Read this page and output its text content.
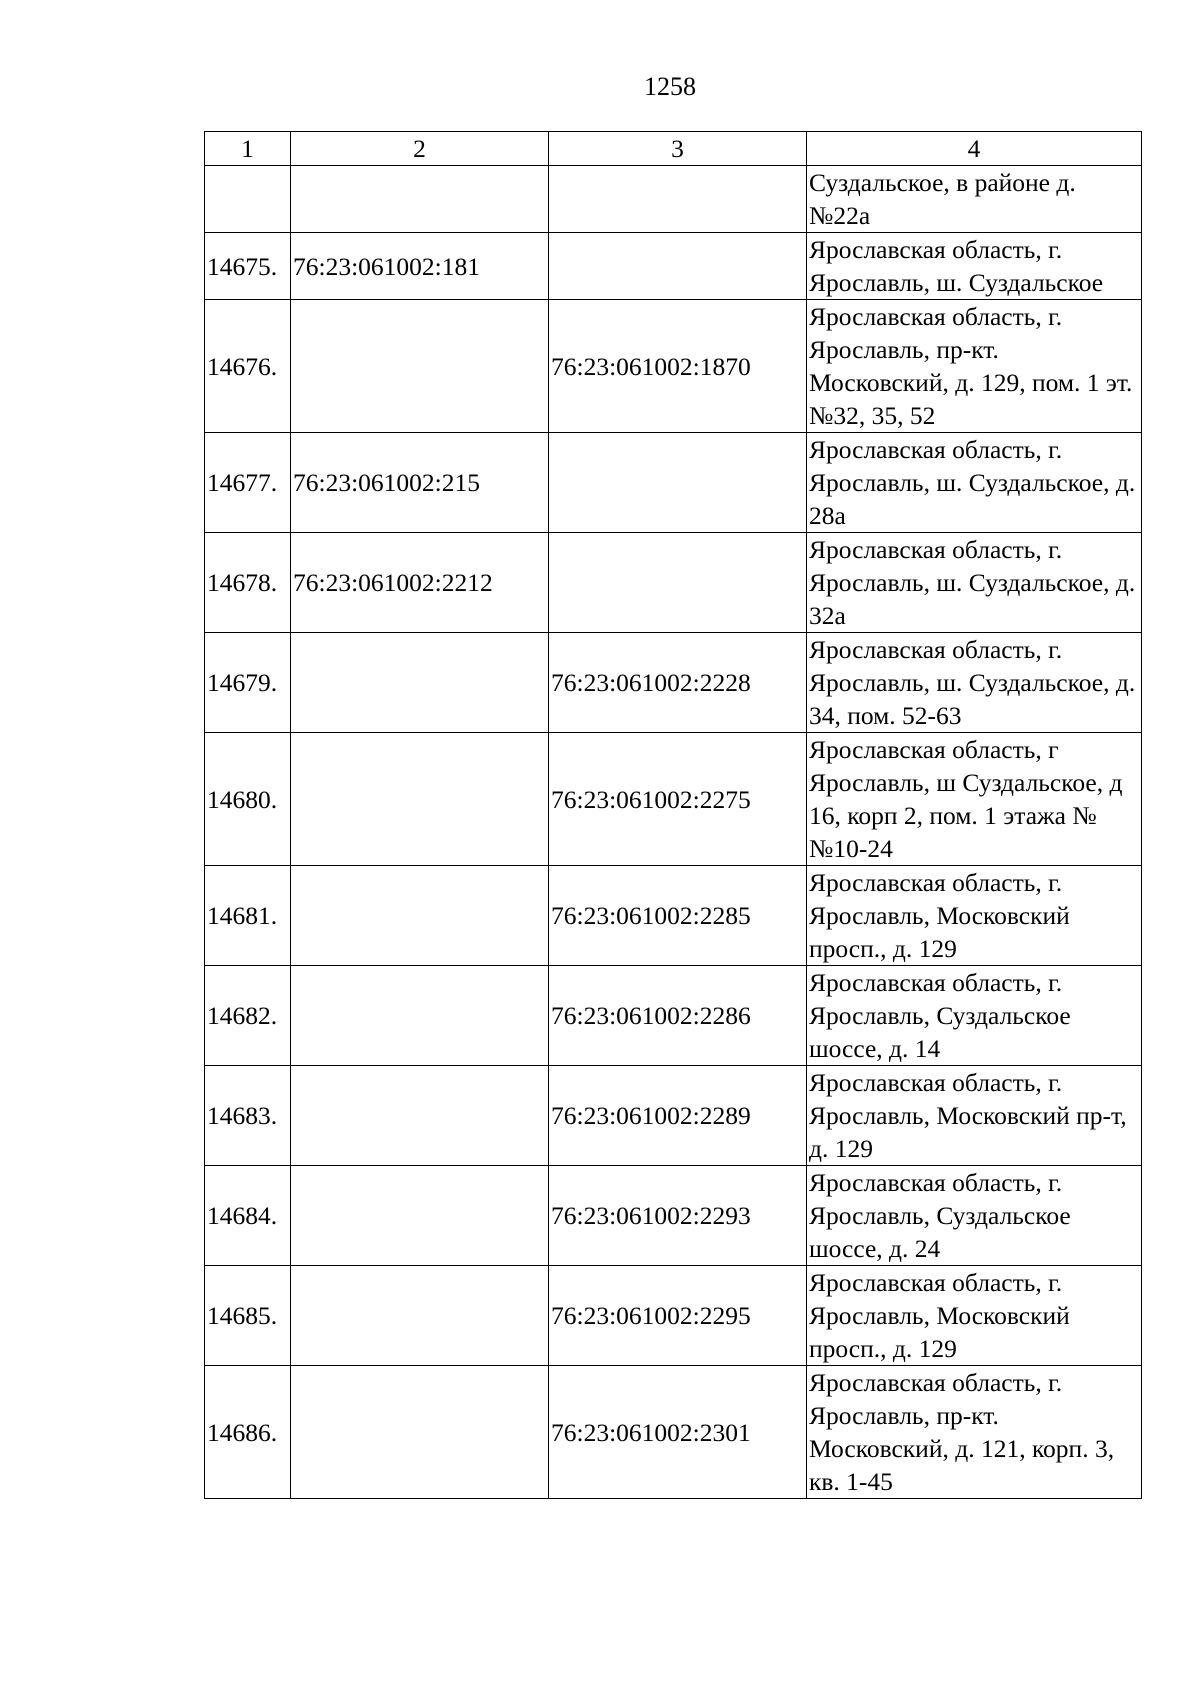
1258
1	2	3	4
			Суздальское, в районе д. №22а
14675.	76:23:061002:181		Ярославская область, г. Ярославль, ш. Суздальское
14676.		76:23:061002:1870	Ярославская область, г. Ярославль, пр-кт. Московский, д. 129, пом. 1 эт. №32, 35, 52
14677.	76:23:061002:215		Ярославская область, г. Ярославль, ш. Суздальское, д. 28а
14678.	76:23:061002:2212		Ярославская область, г. Ярославль, ш. Суздальское, д. 32а
14679.		76:23:061002:2228	Ярославская область, г. Ярославль, ш. Суздальское, д. 34, пом. 52-63
14680.		76:23:061002:2275	Ярославская область, г Ярославль, ш Суздальское, д 16, корп 2, пом. 1 этажа №№10-24
14681.		76:23:061002:2285	Ярославская область, г. Ярославль, Московский просп., д. 129
14682.		76:23:061002:2286	Ярославская область, г. Ярославль, Суздальское шоссе, д. 14
14683.		76:23:061002:2289	Ярославская область, г. Ярославль, Московский пр-т, д. 129
14684.		76:23:061002:2293	Ярославская область, г. Ярославль, Суздальское шоссе, д. 24
14685.		76:23:061002:2295	Ярославская область, г. Ярославль, Московский просп., д. 129
14686.		76:23:061002:2301	Ярославская область, г. Ярославль, пр-кт. Московский, д. 121, корп. 3, кв. 1-45
